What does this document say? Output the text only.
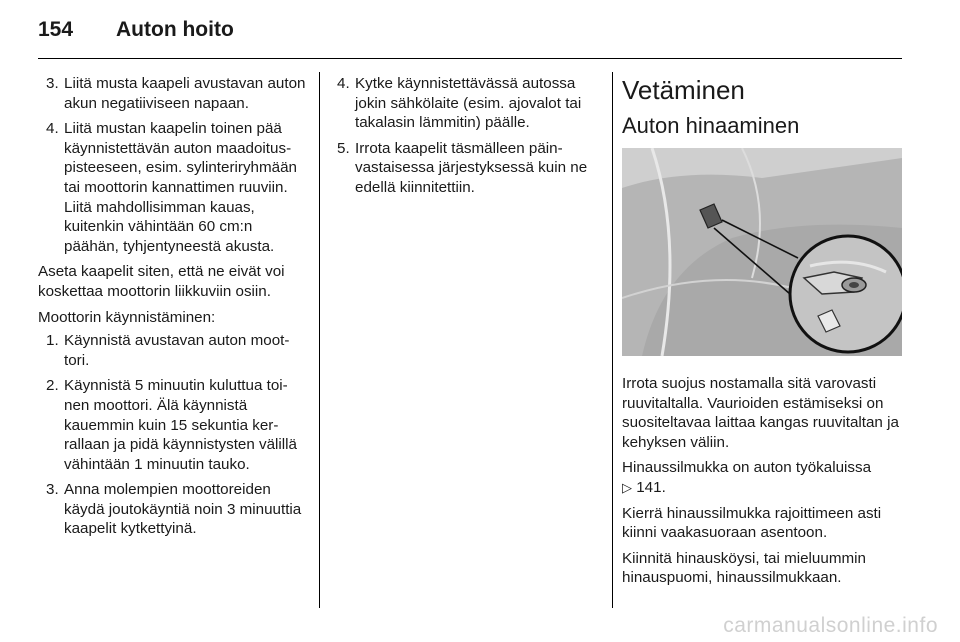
154	Auton hoito
3. Liitä musta kaapeli avustavan auton akun negatiiviseen napaan.
4. Liitä mustan kaapelin toinen pää käynnistettävän auton maadoituspisteeseen, esim. sylinteriryhmään tai moottorin kannattimen ruuviin. Liitä mahdollisimman kauas, kuitenkin vähintään 60 cm:n päähän, tyhjentyneestä akusta.

Aseta kaapelit siten, että ne eivät voi koskettaa moottorin liikkuviin osiin.

Moottorin käynnistäminen:

1. Käynnistä avustavan auton moottori.
2. Käynnistä 5 minuutin kuluttua toinen moottori. Älä käynnistä kauemmin kuin 15 sekuntia kerrallaan ja pidä käynnistysten välillä vähintään 1 minuutin tauko.
3. Anna molempien moottoreiden käydä joutokäyntiä noin 3 minuuttia kaapelit kytkettyinä.
4. Kytke käynnistettävässä autossa jokin sähkölaite (esim. ajovalot tai takalasin lämmitin) päälle.
5. Irrota kaapelit täsmälleen päinvastaisessa järjestyksessä kuin ne edellä kiinnitettiin.
Vetäminen
Auton hinaaminen

Irrota suojus nostamalla sitä varovasti ruuvitaltalla. Vaurioiden estämiseksi on suositeltavaa laittaa kangas ruuvitaltan ja kehyksen väliin.

Hinaussilmukka on auton työkaluissa
▷ 141.

Kierrä hinaussilmukka rajoittimeen asti kiinni vaakasuoraan asentoon.

Kiinnitä hinausköysi, tai mieluummin hinauspuomi, hinaussilmukkaan.

carmanualsonline.info
